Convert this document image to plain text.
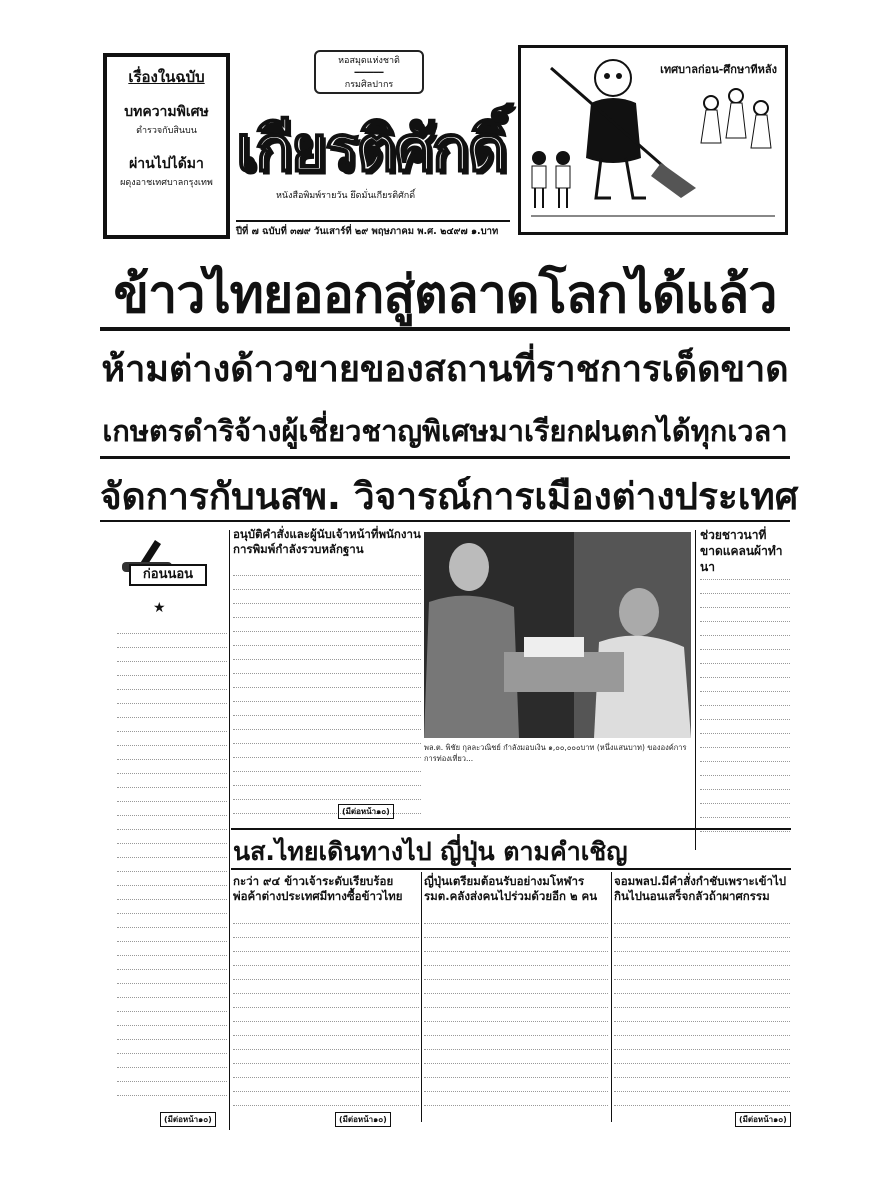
เรื่องในฉบับ
บทความพิเศษ
ตำรวจกับสินบน
ผ่านไปได้มา
ผดุงอาชเทศบาลกรุงเทพ
หอสมุดแห่งชาติ
━━━━━━
กรมศิลปากร
เกียรติศักดิ์
หนังสือพิมพ์รายวัน ยึดมั่นเกียรติศักดิ์
ปีที่ ๗ ฉบับที่ ๓๗๙ วันเสาร์ที่ ๒๙ พฤษภาคม พ.ศ. ๒๔๙๗ ๑.บาท
เทศบาลก่อน-ศึกษาทีหลัง
ข้าวไทยออกสู่ตลาดโลกได้แล้ว
ห้ามต่างด้าวขายของสถานที่ราชการเด็ดขาด
เกษตรดำริจ้างผู้เชี่ยวชาญพิเศษมาเรียกฝนตกได้ทุกเวลา
จัดการกับนสพ. วิจารณ์การเมืองต่างประเทศ
ก่อนนอน
★
(มีต่อหน้า๑๐)
อนุบัติคำสั่งและผู้นับเจ้าหน้าที่พนักงานการพิมพ์กำลังรวบหลักฐาน
(มีต่อหน้า๑๐)
พล.ต. พิชัย กุลละวณิชย์ กำลังมอบเงิน ๑,๐๐,๐๐๐บาท (หนึ่งแสนบาท) ขององค์การการท่องเที่ยว...
ช่วยชาวนาที่ขาดแคลนผ้าทำนา
นส.ไทยเดินทางไป ญี่ปุ่น ตามคำเชิญ
กะว่า ๙๔ ข้าวเจ้าระดับเรียบร้อย พ่อค้าต่างประเทศมีทางซื้อข้าวไทย
(มีต่อหน้า๑๐)
ญี่ปุ่นเตรียมต้อนรับอย่างมโหฬาร รมต.คลังส่งคนไปร่วมด้วยอีก ๒ คน
จอมพลป.มีคำสั่งกำชับเพราะเข้าไปกินไปนอนเสร็จกลัวถ้าผาศกรรม
(มีต่อหน้า๑๐)
